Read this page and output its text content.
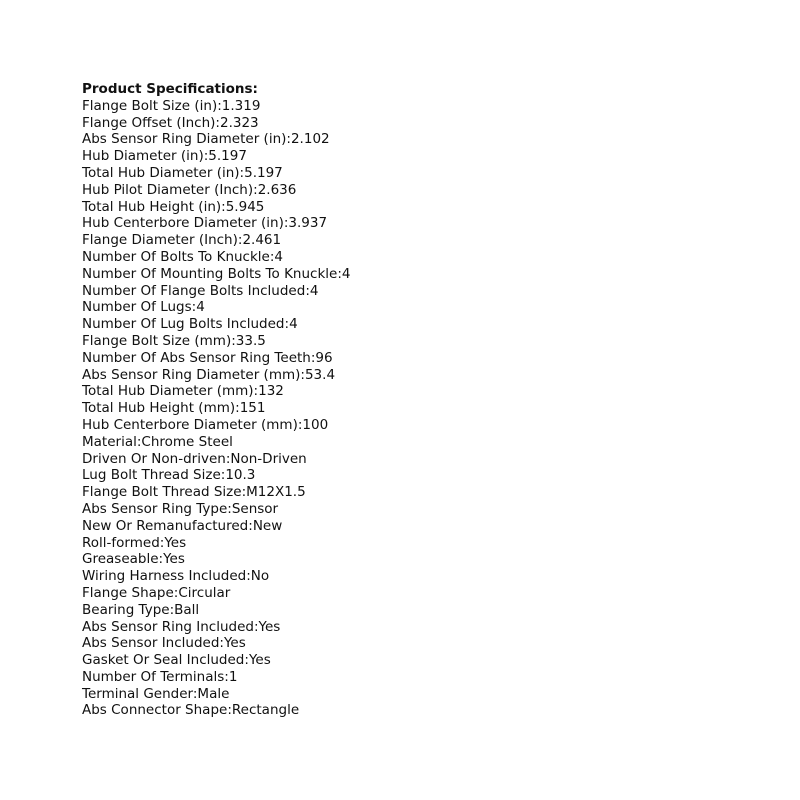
Product Specifications:
Flange Bolt Size (in):1.319
Flange Offset (Inch):2.323
Abs Sensor Ring Diameter (in):2.102
Hub Diameter (in):5.197
Total Hub Diameter (in):5.197
Hub Pilot Diameter (Inch):2.636
Total Hub Height (in):5.945
Hub Centerbore Diameter (in):3.937
Flange Diameter (Inch):2.461
Number Of Bolts To Knuckle:4
Number Of Mounting Bolts To Knuckle:4
Number Of Flange Bolts Included:4
Number Of Lugs:4
Number Of Lug Bolts Included:4
Flange Bolt Size (mm):33.5
Number Of Abs Sensor Ring Teeth:96
Abs Sensor Ring Diameter (mm):53.4
Total Hub Diameter (mm):132
Total Hub Height (mm):151
Hub Centerbore Diameter (mm):100
Material:Chrome Steel
Driven Or Non-driven:Non-Driven
Lug Bolt Thread Size:10.3
Flange Bolt Thread Size:M12X1.5
Abs Sensor Ring Type:Sensor
New Or Remanufactured:New
Roll-formed:Yes
Greaseable:Yes
Wiring Harness Included:No
Flange Shape:Circular
Bearing Type:Ball
Abs Sensor Ring Included:Yes
Abs Sensor Included:Yes
Gasket Or Seal Included:Yes
Number Of Terminals:1
Terminal Gender:Male
Abs Connector Shape:Rectangle
